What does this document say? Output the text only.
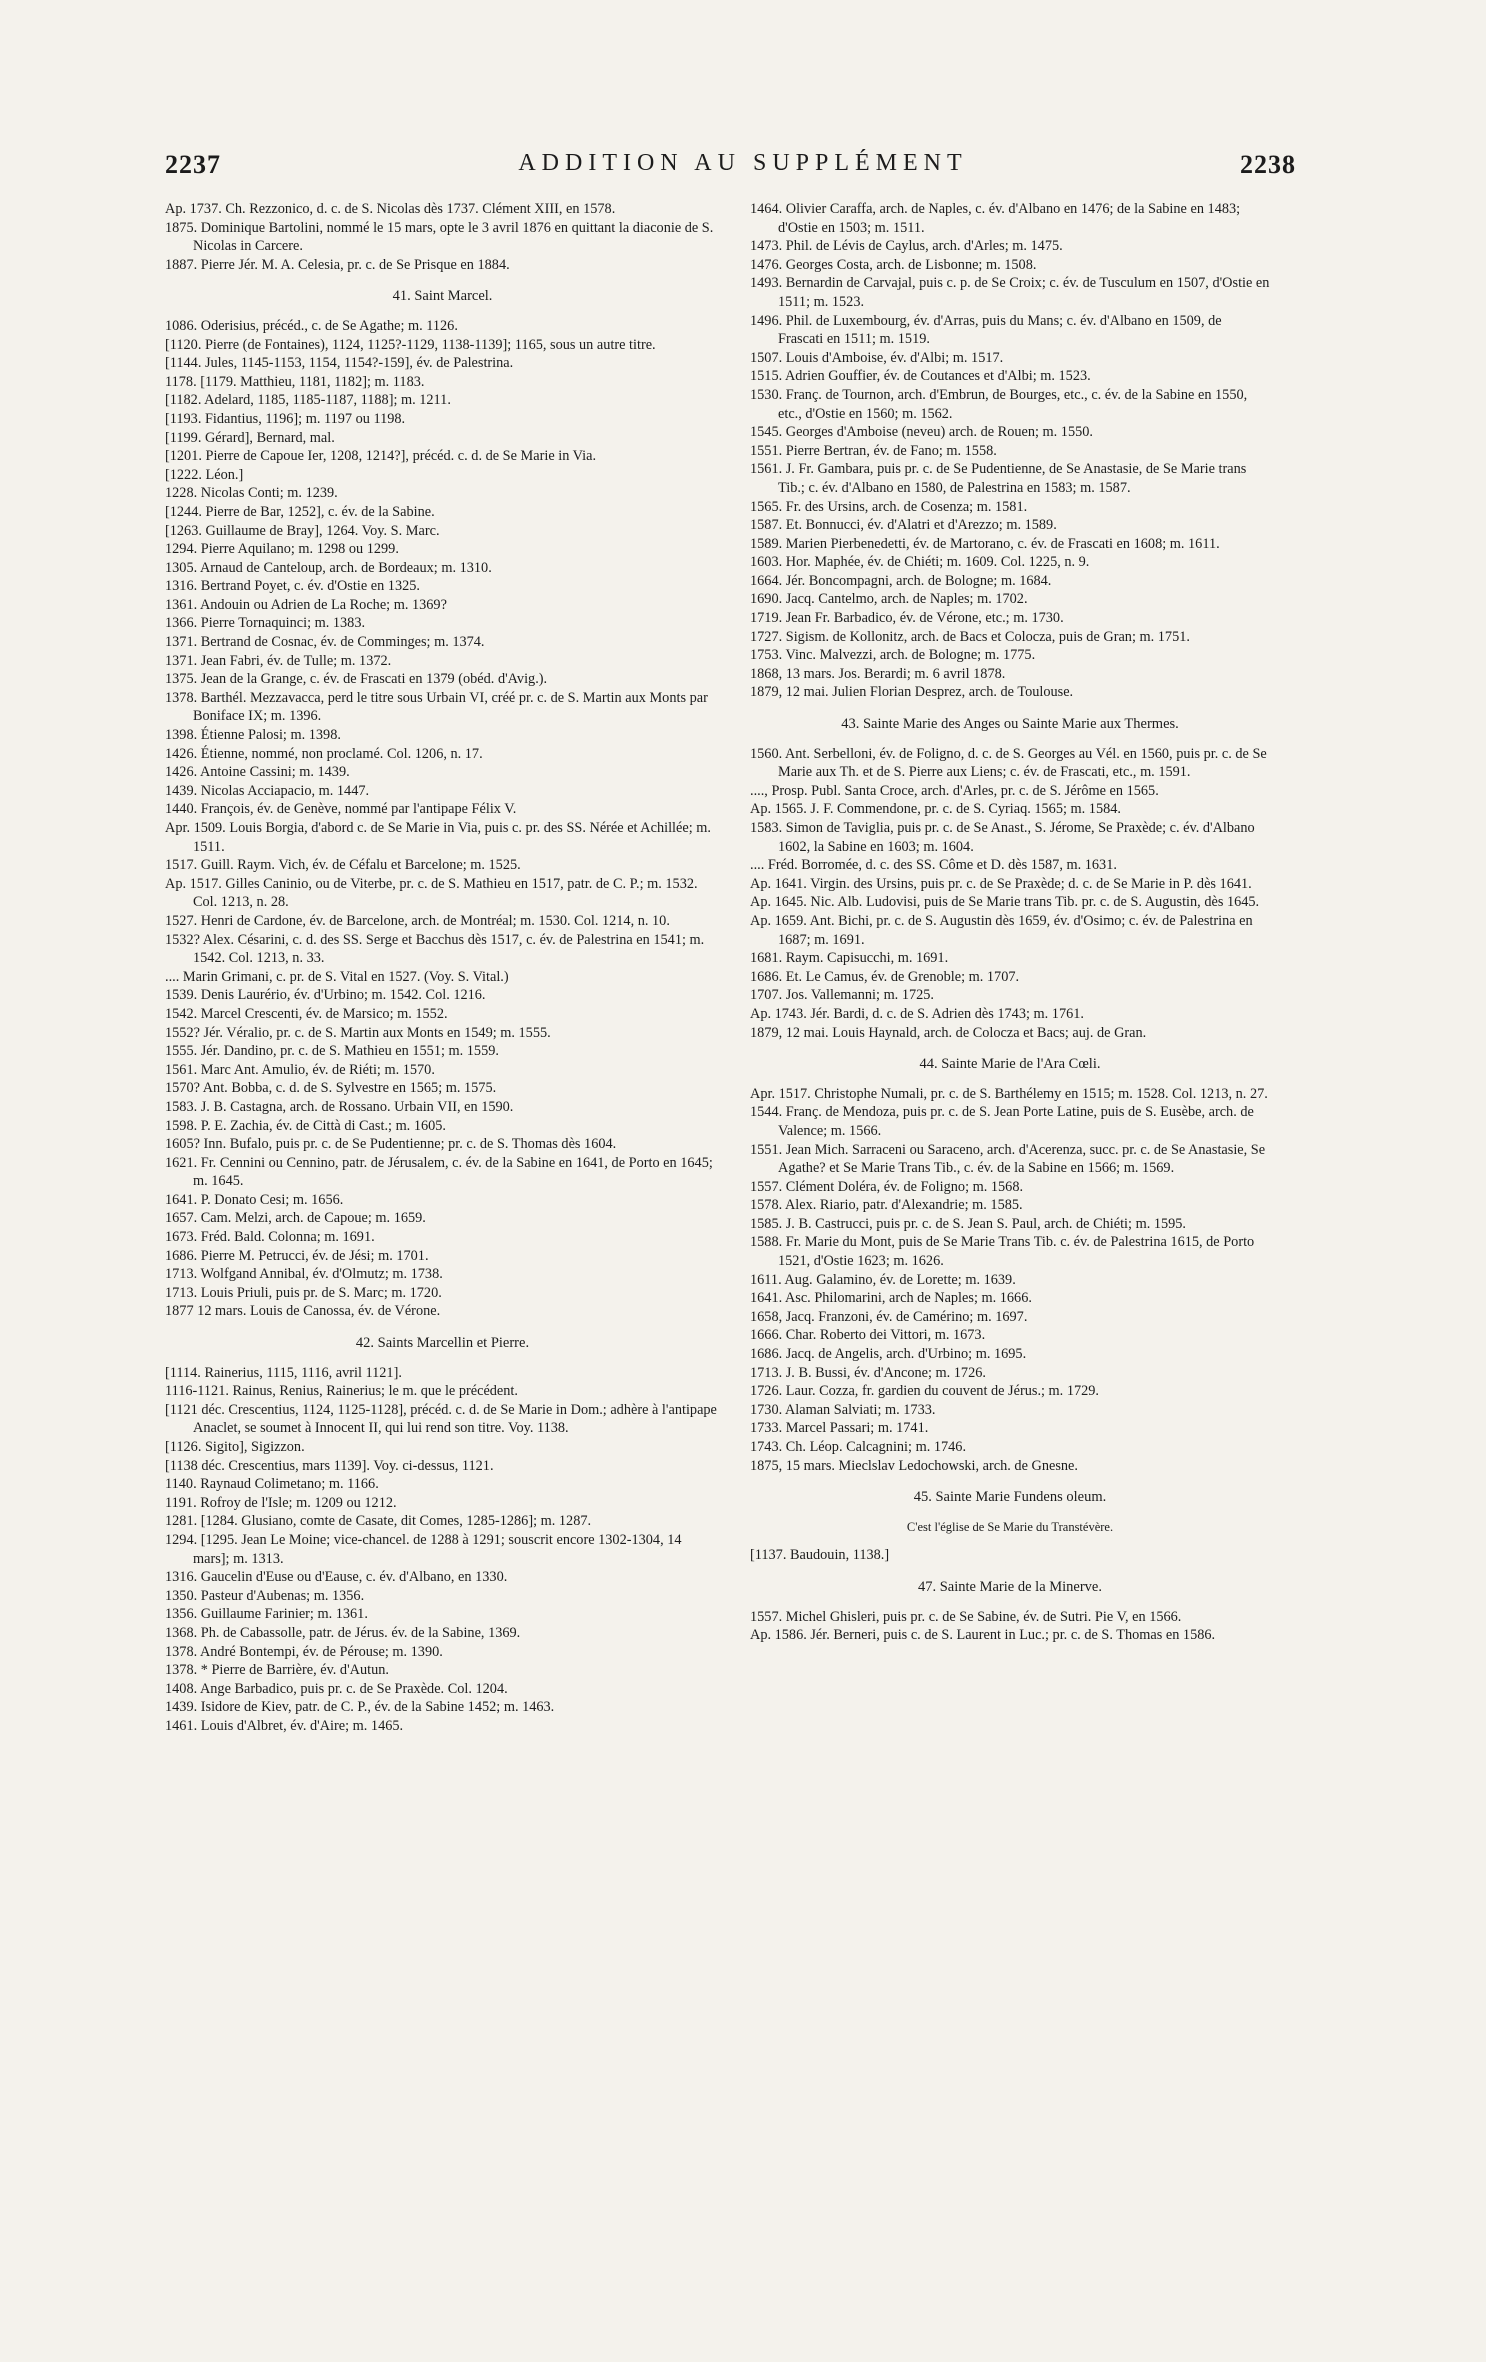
2237	ADDITION AU SUPPLÉMENT	2238
Ap. 1737. Ch. Rezzonico, d. c. de S. Nicolas dès 1737. Clément XIII, en 1578.
1875. Dominique Bartolini, nommé le 15 mars, opte le 3 avril 1876 en quittant la diaconie de S. Nicolas in Carcere.
1887. Pierre Jér. M. A. Celesia, pr. c. de Se Prisque en 1884.
41. Saint Marcel.
1086. Oderisius, précéd., c. de Se Agathe; m. 1126.
[1120. Pierre (de Fontaines), 1124, 1125?-1129, 1138-1139]; 1165, sous un autre titre.
[1144. Jules, 1145-1153, 1154, 1154?-159], év. de Palestrina.
1178. [1179. Matthieu, 1181, 1182]; m. 1183.
[1182. Adelard, 1185, 1185-1187, 1188]; m. 1211.
[1193. Fidantius, 1196]; m. 1197 ou 1198.
[1199. Gérard], Bernard, mal.
[1201. Pierre de Capoue Ier, 1208, 1214?], précéd. c. d. de Se Marie in Via.
[1222. Léon.]
1228. Nicolas Conti; m. 1239.
[1244. Pierre de Bar, 1252], c. év. de la Sabine.
[1263. Guillaume de Bray], 1264. Voy. S. Marc.
1294. Pierre Aquilano; m. 1298 ou 1299.
1305. Arnaud de Canteloup, arch. de Bordeaux; m. 1310.
1316. Bertrand Poyet, c. év. d'Ostie en 1325.
1361. Andouin ou Adrien de La Roche; m. 1369?
1366. Pierre Tornaquinci; m. 1383.
1371. Bertrand de Cosnac, év. de Comminges; m. 1374.
1371. Jean Fabri, év. de Tulle; m. 1372.
1375. Jean de la Grange, c. év. de Frascati en 1379 (obéd. d'Avig.).
1378. Barthél. Mezzavacca, perd le titre sous Urbain VI, créé pr. c. de S. Martin aux Monts par Boniface IX; m. 1396.
1398. Étienne Palosi; m. 1398.
1426. Étienne, nommé, non proclamé. Col. 1206, n. 17.
1426. Antoine Cassini; m. 1439.
1439. Nicolas Acciapacio, m. 1447.
1440. François, év. de Genève, nommé par l'antipape Félix V.
Apr. 1509. Louis Borgia, d'abord c. de Se Marie in Via, puis c. pr. des SS. Nérée et Achillée; m. 1511.
1517. Guill. Raym. Vich, év. de Céfalu et Barcelone; m. 1525.
Ap. 1517. Gilles Caninio, ou de Viterbe, pr. c. de S. Mathieu en 1517, patr. de C. P.; m. 1532. Col. 1213, n. 28.
1527. Henri de Cardone, év. de Barcelone, arch. de Montréal; m. 1530. Col. 1214, n. 10.
1532? Alex. Césarini, c. d. des SS. Serge et Bacchus dès 1517, c. év. de Palestrina en 1541; m. 1542. Col. 1213, n. 33.
.... Marin Grimani, c. pr. de S. Vital en 1527. (Voy. S. Vital.)
1539. Denis Laurério, év. d'Urbino; m. 1542. Col. 1216.
1542. Marcel Crescenti, év. de Marsico; m. 1552.
1552? Jér. Véralio, pr. c. de S. Martin aux Monts en 1549; m. 1555.
1555. Jér. Dandino, pr. c. de S. Mathieu en 1551; m. 1559.
1561. Marc Ant. Amulio, év. de Riéti; m. 1570.
1570? Ant. Bobba, c. d. de S. Sylvestre en 1565; m. 1575.
1583. J. B. Castagna, arch. de Rossano. Urbain VII, en 1590.
1598. P. E. Zachia, év. de Città di Cast.; m. 1605.
1605? Inn. Bufalo, puis pr. c. de Se Pudentienne; pr. c. de S. Thomas dès 1604.
1621. Fr. Cennini ou Cennino, patr. de Jérusalem, c. év. de la Sabine en 1641, de Porto en 1645; m. 1645.
1641. P. Donato Cesi; m. 1656.
1657. Cam. Melzi, arch. de Capoue; m. 1659.
1673. Fréd. Bald. Colonna; m. 1691.
1686. Pierre M. Petrucci, év. de Jési; m. 1701.
1713. Wolfgand Annibal, év. d'Olmutz; m. 1738.
1713. Louis Priuli, puis pr. de S. Marc; m. 1720.
1877 12 mars. Louis de Canossa, év. de Vérone.
42. Saints Marcellin et Pierre.
[1114. Rainerius, 1115, 1116, avril 1121].
1116-1121. Rainus, Renius, Rainerius; le m. que le précédent.
[1121 déc. Crescentius, 1124, 1125-1128], précéd. c. d. de Se Marie in Dom.; adhère à l'antipape Anaclet, se soumet à Innocent II, qui lui rend son titre. Voy. 1138.
[1126. Sigito], Sigizzon.
[1138 déc. Crescentius, mars 1139]. Voy. ci-dessus, 1121.
1140. Raynaud Colimetano; m. 1166.
1191. Rofroy de l'Isle; m. 1209 ou 1212.
1281. [1284. Glusiano, comte de Casate, dit Comes, 1285-1286]; m. 1287.
1294. [1295. Jean Le Moine; vice-chancel. de 1288 à 1291; souscrit encore 1302-1304, 14 mars]; m. 1313.
1316. Gaucelin d'Euse ou d'Eause, c. év. d'Albano, en 1330.
1350. Pasteur d'Aubenas; m. 1356.
1356. Guillaume Farinier; m. 1361.
1368. Ph. de Cabassolle, patr. de Jérus. év. de la Sabine, 1369.
1378. André Bontempi, év. de Pérouse; m. 1390.
1378. * Pierre de Barrière, év. d'Autun.
1408. Ange Barbadico, puis pr. c. de Se Praxède. Col. 1204.
1439. Isidore de Kiev, patr. de C. P., év. de la Sabine 1452; m. 1463.
1461. Louis d'Albret, év. d'Aire; m. 1465.
1464. Olivier Caraffa, arch. de Naples, c. év. d'Albano en 1476; de la Sabine en 1483; d'Ostie en 1503; m. 1511.
1473. Phil. de Lévis de Caylus, arch. d'Arles; m. 1475.
1476. Georges Costa, arch. de Lisbonne; m. 1508.
1493. Bernardin de Carvajal, puis c. p. de Se Croix; c. év. de Tusculum en 1507, d'Ostie en 1511; m. 1523.
1496. Phil. de Luxembourg, év. d'Arras, puis du Mans; c. év. d'Albano en 1509, de Frascati en 1511; m. 1519.
1507. Louis d'Amboise, év. d'Albi; m. 1517.
1515. Adrien Gouffier, év. de Coutances et d'Albi; m. 1523.
1530. Franç. de Tournon, arch. d'Embrun, de Bourges, etc., c. év. de la Sabine en 1550, etc., d'Ostie en 1560; m. 1562.
1545. Georges d'Amboise (neveu) arch. de Rouen; m. 1550.
1551. Pierre Bertran, év. de Fano; m. 1558.
1561. J. Fr. Gambara, puis pr. c. de Se Pudentienne, de Se Anastasie, de Se Marie trans Tib.; c. év. d'Albano en 1580, de Palestrina en 1583; m. 1587.
1565. Fr. des Ursins, arch. de Cosenza; m. 1581.
1587. Et. Bonnucci, év. d'Alatri et d'Arezzo; m. 1589.
1589. Marien Pierbenedetti, év. de Martorano, c. év. de Frascati en 1608; m. 1611.
1603. Hor. Maphée, év. de Chiéti; m. 1609. Col. 1225, n. 9.
1664. Jér. Boncompagni, arch. de Bologne; m. 1684.
1690. Jacq. Cantelmo, arch. de Naples; m. 1702.
1719. Jean Fr. Barbadico, év. de Vérone, etc.; m. 1730.
1727. Sigism. de Kollonitz, arch. de Bacs et Colocza, puis de Gran; m. 1751.
1753. Vinc. Malvezzi, arch. de Bologne; m. 1775.
1868, 13 mars. Jos. Berardi; m. 6 avril 1878.
1879, 12 mai. Julien Florian Desprez, arch. de Toulouse.
43. Sainte Marie des Anges ou Sainte Marie aux Thermes.
1560. Ant. Serbelloni, év. de Foligno, d. c. de S. Georges au Vél. en 1560, puis pr. c. de Se Marie aux Th. et de S. Pierre aux Liens; c. év. de Frascati, etc., m. 1591.
...., Prosp. Publ. Santa Croce, arch. d'Arles, pr. c. de S. Jérôme en 1565.
Ap. 1565. J. F. Commendone, pr. c. de S. Cyriaq. 1565; m. 1584.
1583. Simon de Taviglia, puis pr. c. de Se Anast., S. Jérome, Se Praxède; c. év. d'Albano 1602, la Sabine en 1603; m. 1604.
.... Fréd. Borromée, d. c. des SS. Côme et D. dès 1587, m. 1631.
Ap. 1641. Virgin. des Ursins, puis pr. c. de Se Praxède; d. c. de Se Marie in P. dès 1641.
Ap. 1645. Nic. Alb. Ludovisi, puis de Se Marie trans Tib. pr. c. de S. Augustin, dès 1645.
Ap. 1659. Ant. Bichi, pr. c. de S. Augustin dès 1659, év. d'Osimo; c. év. de Palestrina en 1687; m. 1691.
1681. Raym. Capisucchi, m. 1691.
1686. Et. Le Camus, év. de Grenoble; m. 1707.
1707. Jos. Vallemanni; m. 1725.
Ap. 1743. Jér. Bardi, d. c. de S. Adrien dès 1743; m. 1761.
1879, 12 mai. Louis Haynald, arch. de Colocza et Bacs; auj. de Gran.
44. Sainte Marie de l'Ara Cœli.
Apr. 1517. Christophe Numali, pr. c. de S. Barthélemy en 1515; m. 1528. Col. 1213, n. 27.
1544. Franç. de Mendoza, puis pr. c. de S. Jean Porte Latine, puis de S. Eusèbe, arch. de Valence; m. 1566.
1551. Jean Mich. Sarraceni ou Saraceno, arch. d'Acerenza, succ. pr. c. de Se Anastasie, Se Agathe? et Se Marie Trans Tib., c. év. de la Sabine en 1566; m. 1569.
1557. Clément Doléra, év. de Foligno; m. 1568.
1578. Alex. Riario, patr. d'Alexandrie; m. 1585.
1585. J. B. Castrucci, puis pr. c. de S. Jean S. Paul, arch. de Chiéti; m. 1595.
1588. Fr. Marie du Mont, puis de Se Marie Trans Tib. c. év. de Palestrina 1615, de Porto 1521, d'Ostie 1623; m. 1626.
1611. Aug. Galamino, év. de Lorette; m. 1639.
1641. Asc. Philomarini, arch de Naples; m. 1666.
1658, Jacq. Franzoni, év. de Camérino; m. 1697.
1666. Char. Roberto dei Vittori, m. 1673.
1686. Jacq. de Angelis, arch. d'Urbino; m. 1695.
1713. J. B. Bussi, év. d'Ancone; m. 1726.
1726. Laur. Cozza, fr. gardien du couvent de Jérus.; m. 1729.
1730. Alaman Salviati; m. 1733.
1733. Marcel Passari; m. 1741.
1743. Ch. Léop. Calcagnini; m. 1746.
1875, 15 mars. Mieclslav Ledochowski, arch. de Gnesne.
45. Sainte Marie Fundens oleum.
C'est l'église de Se Marie du Transtévère.
[1137. Baudouin, 1138.]
47. Sainte Marie de la Minerve.
1557. Michel Ghisleri, puis pr. c. de Se Sabine, év. de Sutri. Pie V, en 1566.
Ap. 1586. Jér. Berneri, puis c. de S. Laurent in Luc.; pr. c. de S. Thomas en 1586.
